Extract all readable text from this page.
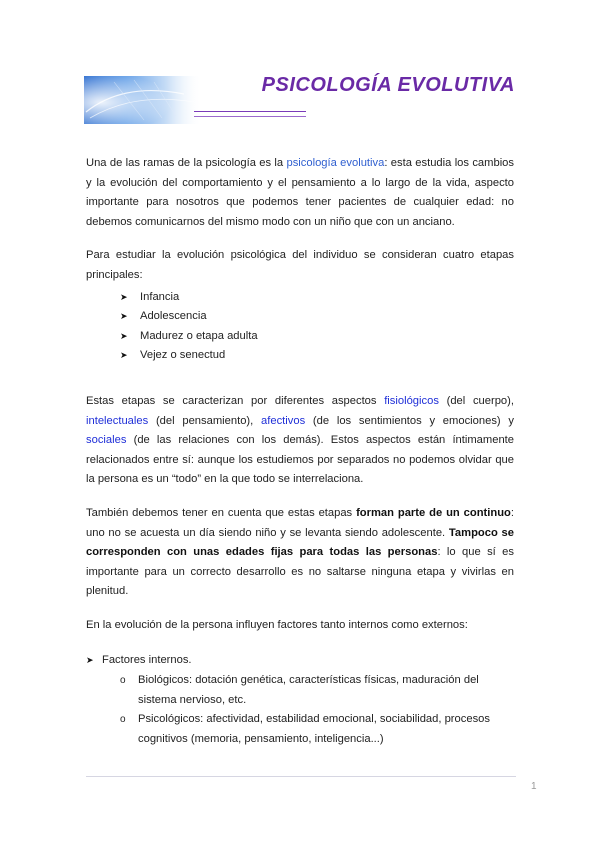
PSICOLOGÍA EVOLUTIVA

Una de las ramas de la psicología es la psicología evolutiva: esta estudia los cambios y la evolución del comportamiento y el pensamiento a lo largo de la vida, aspecto importante para nosotros que podemos tener pacientes de cualquier edad: no debemos comunicarnos del mismo modo con un niño que con un anciano.

Para estudiar la evolución psicológica del individuo se consideran cuatro etapas principales:

➤ Infancia
➤ Adolescencia
➤ Madurez o etapa adulta
➤ Vejez o senectud

Estas etapas se caracterizan por diferentes aspectos fisiológicos (del cuerpo), intelectuales (del pensamiento), afectivos (de los sentimientos y emociones) y sociales (de las relaciones con los demás). Estos aspectos están íntimamente relacionados entre sí: aunque los estudiemos por separados no podemos olvidar que la persona es un “todo” en la que todo se interrelaciona.

También debemos tener en cuenta que estas etapas forman parte de un continuo: uno no se acuesta un día siendo niño y se levanta siendo adolescente. Tampoco se corresponden con unas edades fijas para todas las personas: lo que sí es importante para un correcto desarrollo es no saltarse ninguna etapa y vivirlas en plenitud.

En la evolución de la persona influyen factores tanto internos como externos:

➤ Factores internos.
o Biológicos: dotación genética, características físicas, maduración del sistema nervioso, etc.
o Psicológicos: afectividad, estabilidad emocional, sociabilidad, procesos cognitivos (memoria, pensamiento, inteligencia...)
1
